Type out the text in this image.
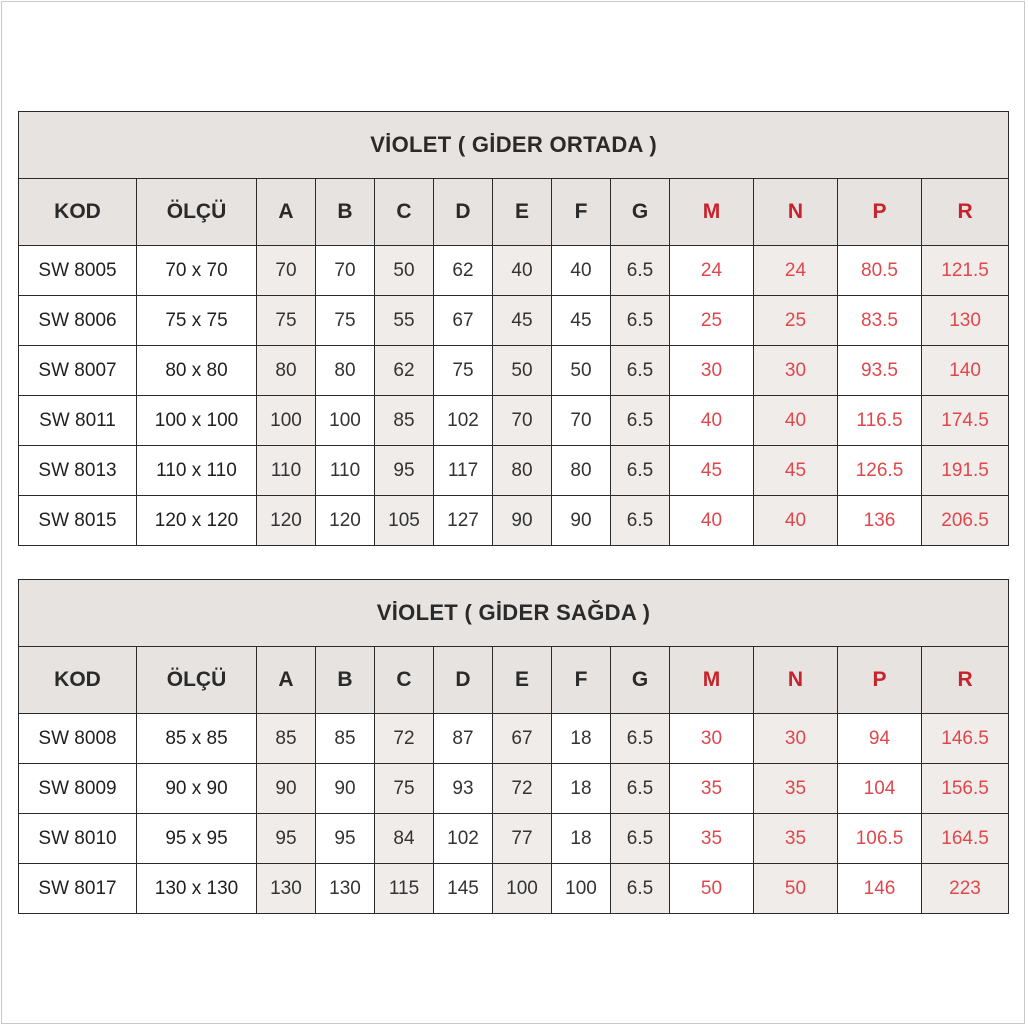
VİOLET ( GİDER ORTADA )												
KOD	ÖLÇÜ	A	B	C	D	E	F	G	M	N	P	R
SW 8005	70 x 70	70	70	50	62	40	40	6.5	24	24	80.5	121.5
SW 8006	75 x 75	75	75	55	67	45	45	6.5	25	25	83.5	130
SW 8007	80 x 80	80	80	62	75	50	50	6.5	30	30	93.5	140
SW 8011	100 x 100	100	100	85	102	70	70	6.5	40	40	116.5	174.5
SW 8013	110 x 110	110	110	95	117	80	80	6.5	45	45	126.5	191.5
SW 8015	120 x 120	120	120	105	127	90	90	6.5	40	40	136	206.5
VİOLET ( GİDER SAĞDA )												
KOD	ÖLÇÜ	A	B	C	D	E	F	G	M	N	P	R
SW 8008	85 x 85	85	85	72	87	67	18	6.5	30	30	94	146.5
SW 8009	90 x 90	90	90	75	93	72	18	6.5	35	35	104	156.5
SW 8010	95 x 95	95	95	84	102	77	18	6.5	35	35	106.5	164.5
SW 8017	130 x 130	130	130	115	145	100	100	6.5	50	50	146	223
